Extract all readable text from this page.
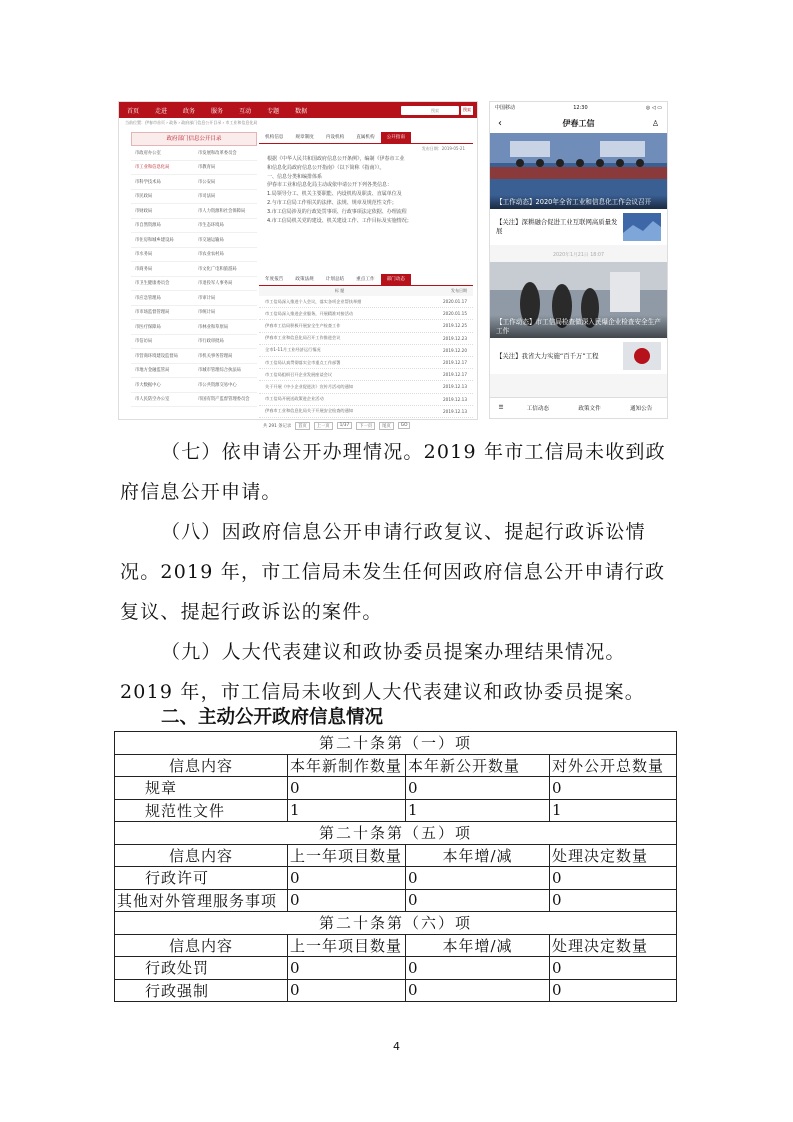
首页	走进	政务	服务	互动	专题	数据	搜索	搜索
当前位置：伊春市首页 › 政务 › 政府部门信息公开目录 › 市工业和信息化局
政府部门信息公开目录
市政府办公室	市发展和改革委员会
市工业和信息化局	市教育局
市科学技术局	市公安局
市民政局	市司法局
市财政局	市人力资源和社会保障局
市自然资源局	市生态环境局
市住房和城乡建设局	市交通运输局
市水务局	市农业农村局
市商务局	市文化广电和旅游局
市卫生健康委员会	市退役军人事务局
市应急管理局	市审计局
市市场监督管理局	市统计局
市医疗保障局	市林业和草原局
市信访局	市行政审批局
市营商环境建设监督局	市机关事务管理局
市地方金融监管局	市城市管理综合执法局
市大数据中心	市公共资源交易中心
市人民防空办公室	市国有资产监督管理委员会
机构信息	规章制度	内设机构	直属机构	公开指南
发布日期：2019-05-21
根据《中华人民共和国政府信息公开条例》，编制《伊春市工业
和信息化局政府信息公开指南》（以下简称《指南》）。
一、信息分类和编排体系
伊春市工业和信息化局主动或依申请公开下列各类信息：
1.局领导分工、机关主要职能、内设机构及职责、直属单位及
2.与市工信局工作相关的法律、法规、规章及规范性文件；
3.市工信局涉及的行政处罚事项、行政事项法定依据、办理流程
4.市工信局机关党的建设、机关建设工作、工作目标及实施情况；
年度报告	政策法规	计划总结	重点工作	部门动态
标 题	发布日期
市工信局深入推进个人会议，落实各项企业帮扶举措	2020.01.17
市工信局深入推进企业服务，开展精准对接活动	2020.01.15
伊春市工信局积极开展安全生产检查工作	2019.12.25
伊春市工业和信息化局召开工作推进会议	2019.12.23
全市1-11月工业经济运行情况	2019.12.20
市工信局认真贯彻落实全市重点工作部署	2019.12.17
市工信局组织召开企业发展座谈会议	2019.12.17
关于开展《中小企业促进法》宣传月活动的通知	2019.12.13
市工信局开展送政策进企业活动	2019.12.13
伊春市工业和信息化局关于开展安全检查的通知	2019.12.13
共 291 条记录	首页	上一页	1/37	下一页	尾页	GO
中国移动	12:30	◎ ◁ ▭
‹	伊春工信	♙
【工作动态】2020年全省工业和信息化工作会议召开
【关注】深耕融合促进工业互联网高质量发展
2020年1月21日 18:07
【工作动态】市工信局检查做深入民爆企业检查安全生产工作
【关注】我省大力实施“百千万”工程
☰	工信动态	政策文件	通知公告
（七）依申请公开办理情况。2019 年市工信局未收到政
府信息公开申请。
（八）因政府信息公开申请行政复议、提起行政诉讼情
况。2019 年，市工信局未发生任何因政府信息公开申请行政
复议、提起行政诉讼的案件。
（九）人大代表建议和政协委员提案办理结果情况。
2019 年，市工信局未收到人大代表建议和政协委员提案。
二、主动公开政府信息情况
第二十条第（一）项			
信息内容	本年新制作数量	本年新公开数量	对外公开总数量
规章	0	0	0
规范性文件	1	1	1
第二十条第（五）项			
信息内容	上一年项目数量	本年增/减	处理决定数量
行政许可	0	0	0
其他对外管理服务事项	0	0	0
第二十条第（六）项			
信息内容	上一年项目数量	本年增/减	处理决定数量
行政处罚	0	0	0
行政强制	0	0	0
4
